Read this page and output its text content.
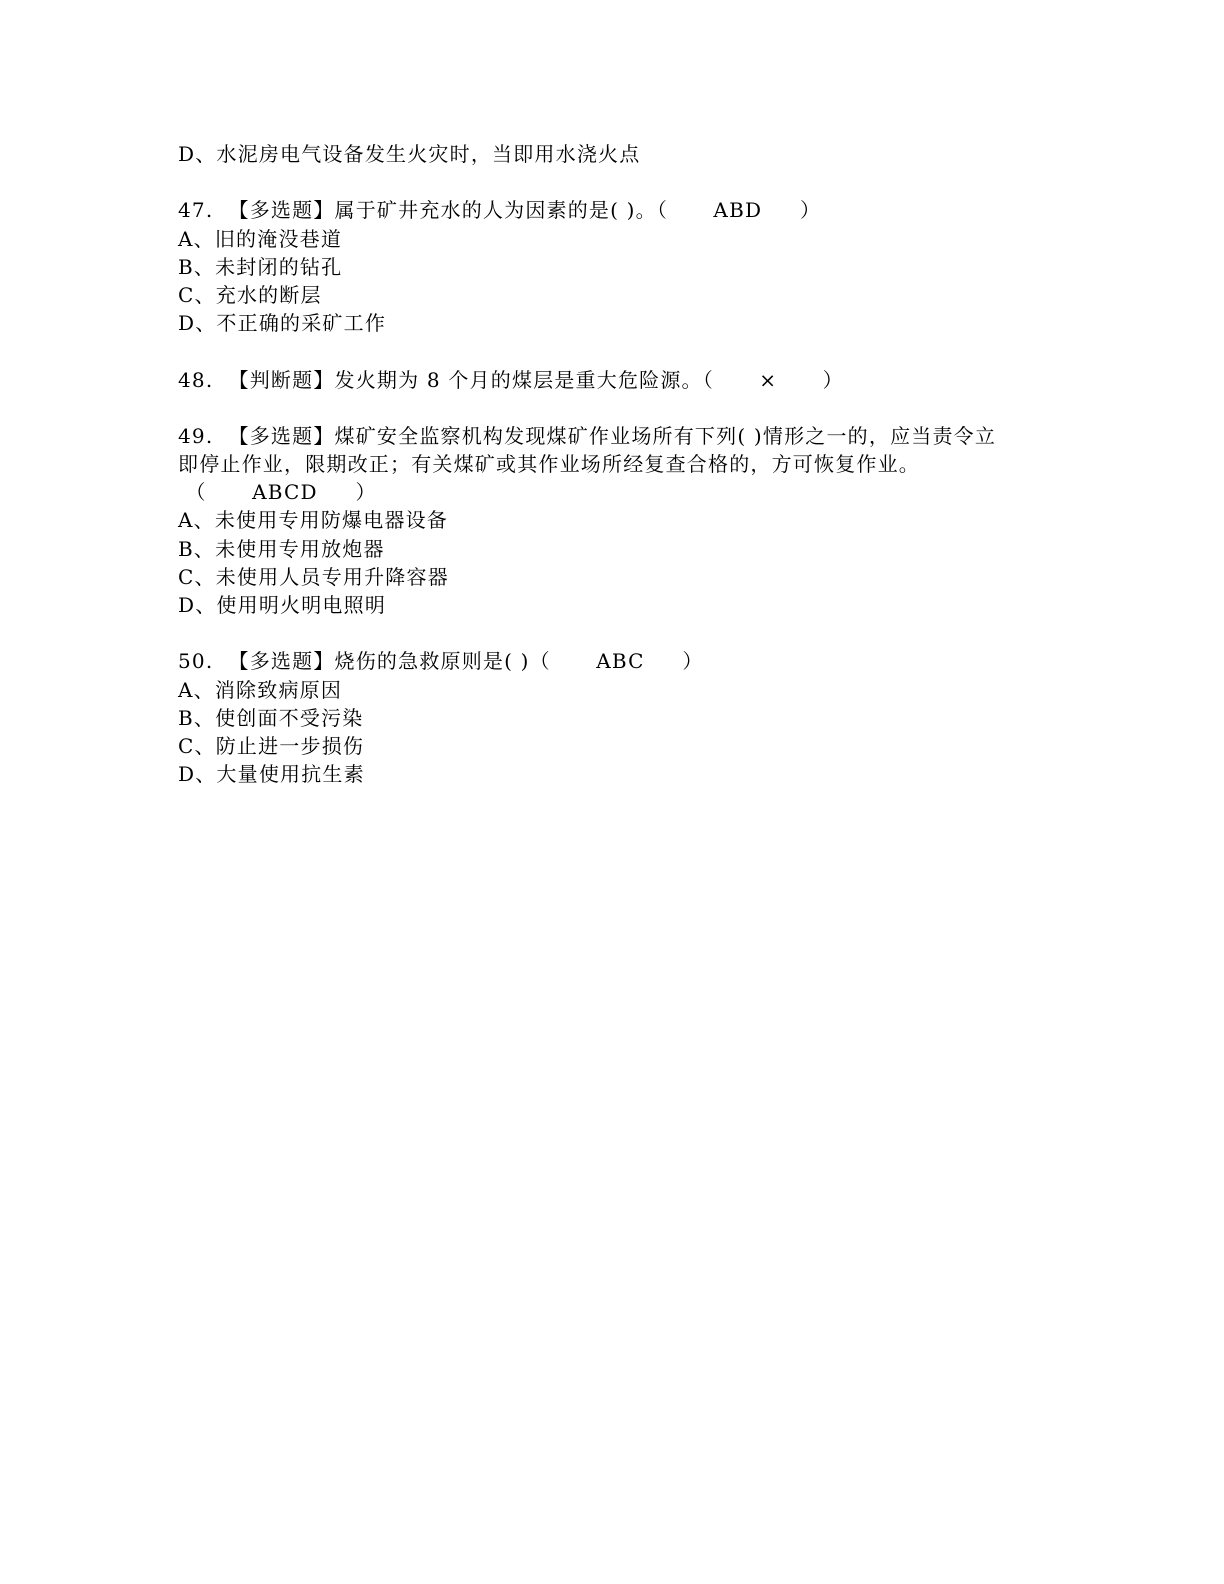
D、水泥房电气设备发生火灾时，当即用水浇火点
47.  【多选题】属于矿井充水的人为因素的是( )。（      ABD     ）
A、旧的淹没巷道
B、未封闭的钻孔
C、充水的断层
D、不正确的采矿工作
48.  【判断题】发火期为 8 个月的煤层是重大危险源。（      ×      ）
49.  【多选题】煤矿安全监察机构发现煤矿作业场所有下列( )情形之一的，应当责令立
即停止作业，限期改正；有关煤矿或其作业场所经复查合格的，方可恢复作业。
（      ABCD     ）
A、未使用专用防爆电器设备
B、未使用专用放炮器
C、未使用人员专用升降容器
D、使用明火明电照明
50.  【多选题】烧伤的急救原则是( )（      ABC     ）
A、消除致病原因
B、使创面不受污染
C、防止进一步损伤
D、大量使用抗生素
